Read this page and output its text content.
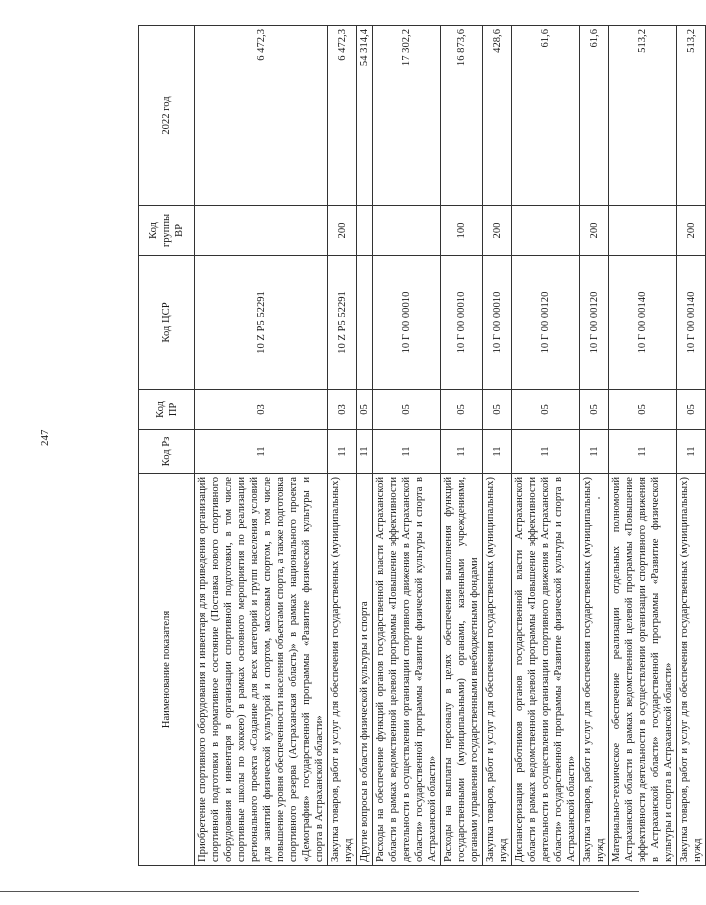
247
Наименование показателя	Код Рз	Код ПР	Код ЦСР	Код группы ВР	2022 год
Приобретение спортивного оборудования и инвентаря для приведения организаций спортивной подготовки в нормативное состояние (Поставка нового спортивного оборудования и инвентаря в организации спортивной подготовки, в том числе спортивные школы по хоккею) в рамках основного мероприятия по реализации регионального проекта «Создание для всех категорий и групп населения условий для занятий физической культурой и спортом, массовым спортом, в том числе повышение уровня обеспеченности населения объектами спорта, а также подготовка спортивного резерва (Астраханская область)» в рамках национального проекта «Демография» государственной программы «Развитие физической культуры и спорта в Астраханской области»	11	03	10 Z P5 52291		6 472,3
Закупка товаров, работ и услуг для обеспечения государственных (муниципальных) нужд	11	03	10 Z P5 52291	200	6 472,3
Другие вопросы в области физической культуры и спорта	11	05			54 314,4
Расходы на обеспечение функций органов государственной власти Астраханской области в рамках ведомственной целевой программы «Повышение эффективности деятельности в осуществлении организации спортивного движения в Астраханской области» государственной программы «Развитие физической культуры и спорта в Астраханской области»	11	05	10 Г 00 00010		17 302,2
Расходы на выплаты персоналу в целях обеспечения выполнения функций государственными (муниципальными) органами, казенными учреждениями, органами управления государственными внебюджетными фондами	11	05	10 Г 00 00010	100	16 873,6
Закупка товаров, работ и услуг для обеспечения государственных (муниципальных) нужд	11	05	10 Г 00 00010	200	428,6
Диспансеризация работников органов государственной власти Астраханской области в рамках ведомственной целевой программы «Повышение эффективности деятельности в осуществлении организации спортивного движения в Астраханской области» государственной программы «Развитие физической культуры и спорта в Астраханской области»	11	05	10 Г 00 00120		61,6
Закупка товаров, работ и услуг для обеспечения государственных (муниципальных) нужд	11	05	10 Г 00 00120	200	61,6
Материально-техническое обеспечение реализации отдельных полномочий Астраханской области в рамках ведомственной целевой программы «Повышение эффективности деятельности в осуществлении организации спортивного движения в Астраханской области» государственной программы «Развитие физической культуры и спорта в Астраханской области»	11	05	10 Г 00 00140		513,2
Закупка товаров, работ и услуг для обеспечения государственных (муниципальных) нужд	11	05	10 Г 00 00140	200	513,2
